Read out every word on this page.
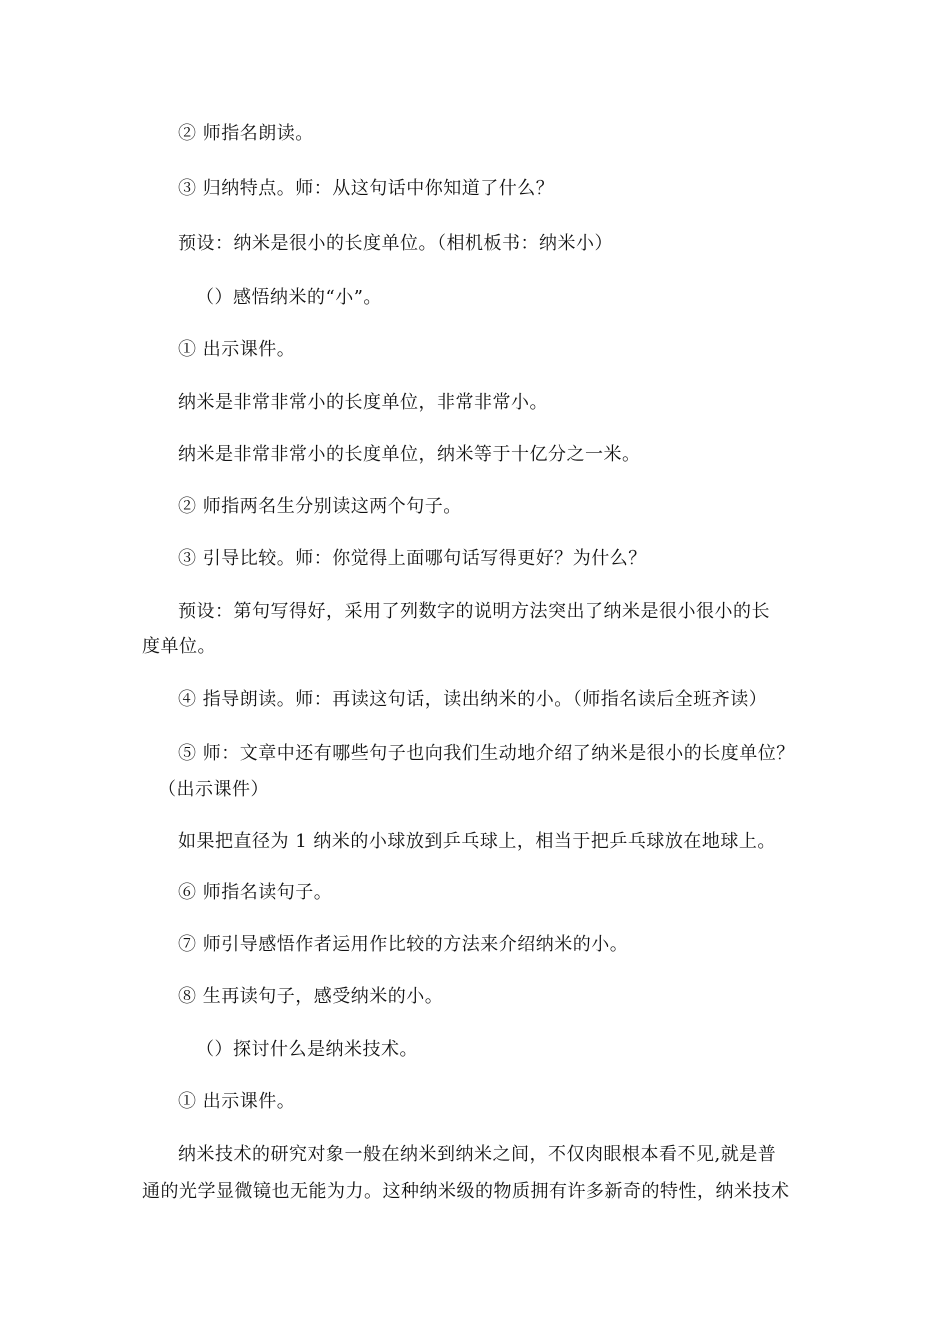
② 师指名朗读。
③ 归纳特点。师：从这句话中你知道了什么？
预设：纳米是很小的长度单位。（相机板书：纳米小）
（）感悟纳米的“小”。
① 出示课件。
纳米是非常非常小的长度单位，非常非常小。
纳米是非常非常小的长度单位，纳米等于十亿分之一米。
② 师指两名生分别读这两个句子。
③ 引导比较。师：你觉得上面哪句话写得更好？为什么？
预设：第句写得好，采用了列数字的说明方法突出了纳米是很小很小的长
度单位。
④ 指导朗读。师：再读这句话，读出纳米的小。（师指名读后全班齐读）
⑤ 师：文章中还有哪些句子也向我们生动地介绍了纳米是很小的长度单位？
（出示课件）
如果把直径为 1 纳米的小球放到乒乓球上，相当于把乒乓球放在地球上。
⑥ 师指名读句子。
⑦ 师引导感悟作者运用作比较的方法来介绍纳米的小。
⑧ 生再读句子，感受纳米的小。
（）探讨什么是纳米技术。
① 出示课件。
纳米技术的研究对象一般在纳米到纳米之间，不仅肉眼根本看不见,就是普
通的光学显微镜也无能为力。这种纳米级的物质拥有许多新奇的特性，纳米技术
